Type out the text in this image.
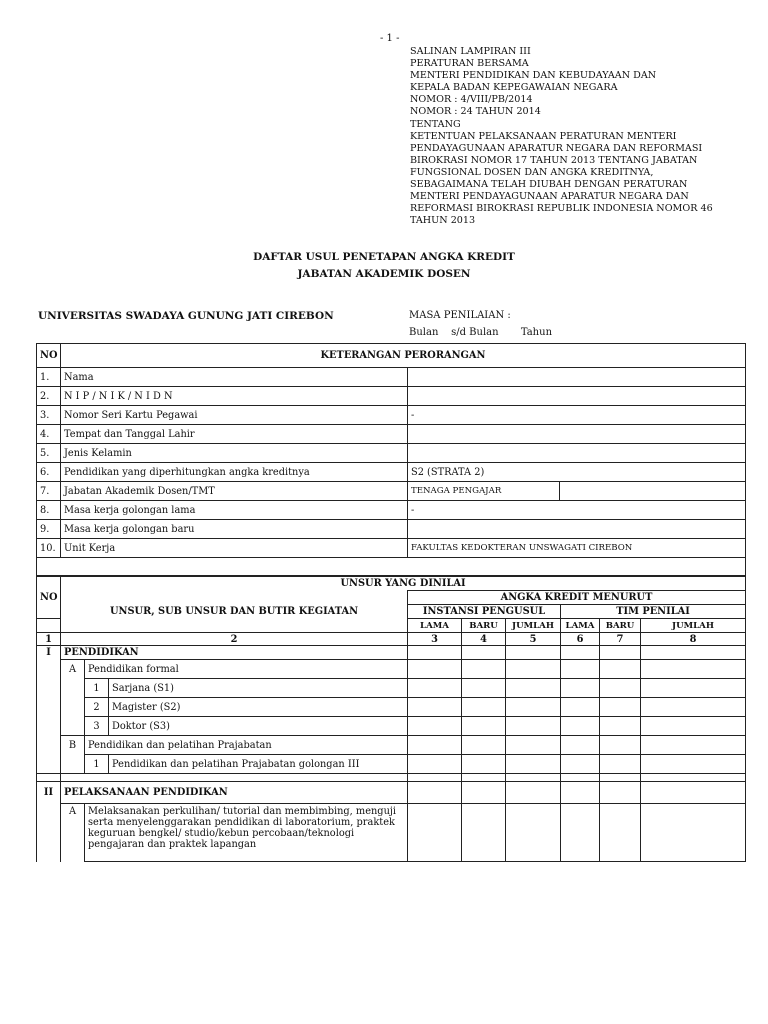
- 1 -
SALINAN LAMPIRAN III
PERATURAN BERSAMA
MENTERI PENDIDIKAN DAN KEBUDAYAAN DAN
KEPALA BADAN KEPEGAWAIAN NEGARA
NOMOR : 4/VIII/PB/2014
NOMOR : 24 TAHUN 2014
TENTANG
KETENTUAN PELAKSANAAN PERATURAN MENTERI
PENDAYAGUNAAN APARATUR NEGARA DAN REFORMASI
BIROKRASI NOMOR 17 TAHUN 2013 TENTANG JABATAN
FUNGSIONAL DOSEN DAN ANGKA KREDITNYA,
SEBAGAIMANA TELAH DIUBAH DENGAN PERATURAN
MENTERI PENDAYAGUNAAN APARATUR NEGARA DAN
REFORMASI BIROKRASI REPUBLIK INDONESIA NOMOR 46
TAHUN 2013
DAFTAR USUL PENETAPAN ANGKA KREDIT
JABATAN AKADEMIK DOSEN
UNIVERSITAS SWADAYA GUNUNG JATI CIREBON	MASA PENILAIAN :
Bulan    s/d Bulan       Tahun
NO	KETERANGAN PERORANGAN		
1.	Nama		
2.	N I P / N I K / N I D N		
3.	Nomor Seri Kartu Pegawai	-	
4.	Tempat dan Tanggal Lahir		
5.	Jenis Kelamin		
6.	Pendidikan yang diperhitungkan angka kreditnya	S2 (STRATA 2)	
7.	Jabatan Akademik Dosen/TMT	TENAGA PENGAJAR	
8.	Masa kerja golongan lama	-	
9.	Masa kerja golongan baru		
10.	Unit Kerja	FAKULTAS KEDOKTERAN UNSWAGATI CIREBON	

NO	UNSUR YANG DINILAI								
	UNSUR, SUB UNSUR DAN BUTIR KEGIATAN			ANGKA KREDIT MENURUT					
				INSTANSI PENGUSUL			TIM PENILAI		
				LAMA	BARU	JUMLAH	LAMA	BARU	JUMLAH
1	2			3	4	5	6	7	8
I	PENDIDIKAN								
	A	Pendidikan formal							
		1	Sarjana (S1)						
		2	Magister (S2)						
		3	Doktor (S3)						
	B	Pendidikan dan pelatihan Prajabatan							
		1	Pendidikan dan pelatihan Prajabatan golongan III						

II	PELAKSANAAN PENDIDIKAN								
	A	Melaksanakan perkulihan/ tutorial dan membimbing, menguji serta menyelenggarakan pendidikan di laboratorium, praktek keguruan bengkel/ studio/kebun percobaan/teknologi pengajaran dan praktek lapangan							
